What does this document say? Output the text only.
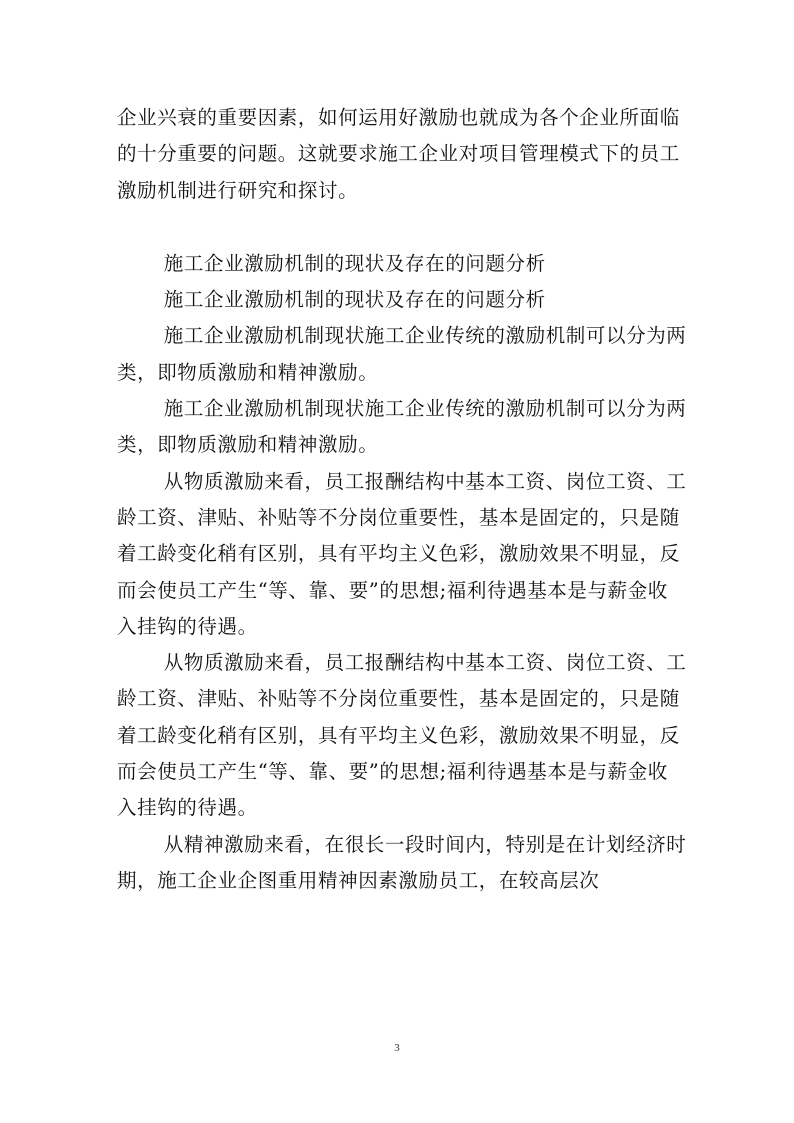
企业兴衰的重要因素，如何运用好激励也就成为各个企业所面临的十分重要的问题。这就要求施工企业对项目管理模式下的员工激励机制进行研究和探讨。

施工企业激励机制的现状及存在的问题分析

施工企业激励机制的现状及存在的问题分析

施工企业激励机制现状施工企业传统的激励机制可以分为两类，即物质激励和精神激励。

施工企业激励机制现状施工企业传统的激励机制可以分为两类，即物质激励和精神激励。

从物质激励来看，员工报酬结构中基本工资、岗位工资、工龄工资、津贴、补贴等不分岗位重要性，基本是固定的，只是随着工龄变化稍有区别，具有平均主义色彩，激励效果不明显，反而会使员工产生“等、靠、要”的思想;福利待遇基本是与薪金收入挂钩的待遇。

从物质激励来看，员工报酬结构中基本工资、岗位工资、工龄工资、津贴、补贴等不分岗位重要性，基本是固定的，只是随着工龄变化稍有区别，具有平均主义色彩，激励效果不明显，反而会使员工产生“等、靠、要”的思想;福利待遇基本是与薪金收入挂钩的待遇。

从精神激励来看，在很长一段时间内，特别是在计划经济时期，施工企业企图重用精神因素激励员工，在较高层次

3
